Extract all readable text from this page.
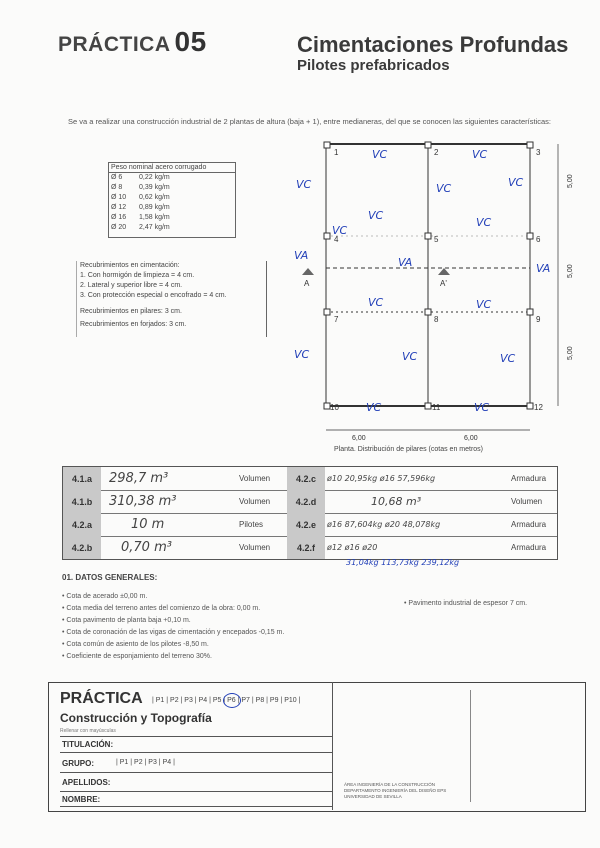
PRÁCTICA 05	Cimentaciones Profundas
Pilotes prefabricados
Se va a realizar una construcción industrial de 2 plantas de altura (baja + 1), entre medianeras, del que se conocen las siguientes características:
Peso nominal acero corrugado
Ø 6	0,22 kg/m
Ø 8	0,39 kg/m
Ø 10	0,62 kg/m
Ø 12	0,89 kg/m
Ø 16	1,58 kg/m
Ø 20	2,47 kg/m
Recubrimientos en cimentación:
1. Con hormigón de limpieza = 4 cm.
2. Lateral y superior libre = 4 cm.
3. Con protección especial o encofrado = 4 cm.
Recubrimientos en pilares: 3 cm.
Recubrimientos en forjados: 3 cm.
1	2	3
4	5	6
7	8	9
10	11	12
A	A'
6,00	6,00
5,00
5,00
5,00
VC	VC
VC	VC	VC
VC
VC
VC
VA
VA	VA
VC	VC
VC	VC	VC
VC	VC
Planta. Distribución de pilares (cotas en metros)
4.1.a	298,7 m³	Volumen	4.2.c	ø10 20,95kg ø16 57,596kg	Armadura
4.1.b	310,38 m³	Volumen	4.2.d	10,68 m³	Volumen
4.2.a	10 m	Pilotes	4.2.e	ø16 87,604kg ø20 48,078kg	Armadura
4.2.b	0,70 m³	Volumen	4.2.f	ø12 ø16 ø20	Armadura
31,04kg 113,73kg 239,12kg
01. DATOS GENERALES:
• Cota de acerado ±0,00 m.
• Cota media del terreno antes del comienzo de la obra: 0,00 m.
• Cota pavimento de planta baja +0,10 m.
• Cota de coronación de las vigas de cimentación y encepados -0,15 m.
• Cota común de asiento de los pilotes -8,50 m.
• Coeficiente de esponjamiento del terreno 30%.
• Pavimento industrial de espesor 7 cm.
PRÁCTICA | P1 | P2 | P3 | P4 | P5 | P6 | P7 | P8 | P9 | P10 |
Construcción y Topografía
Rellenar con mayúsculas
TITULACIÓN:
GRUPO:	| P1 | P2 | P3 | P4 |
APELLIDOS:
NOMBRE:
ÁREA INGENIERÍA DE LA CONSTRUCCIÓN DEPARTAMENTO INGENIERÍA DEL DISEÑO EPS UNIVERSIDAD DE SEVILLA
